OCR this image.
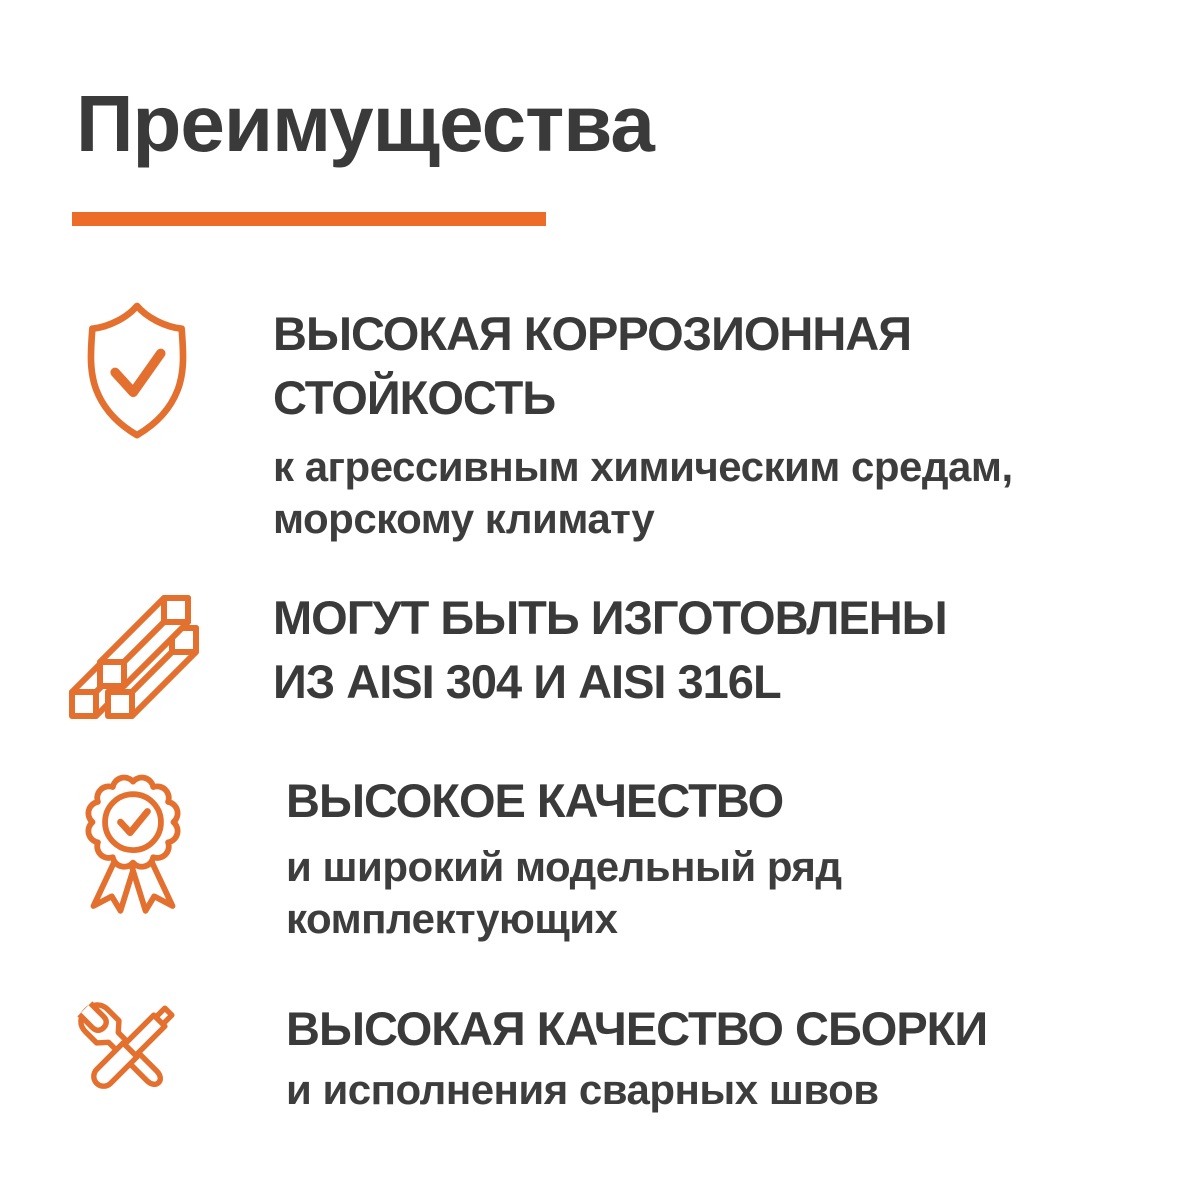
Преимущества
ВЫСОКАЯ КОРРОЗИОННАЯ
СТОЙКОСТЬ

к агрессивным химическим средам,
морскому климату

МОГУТ БЫТЬ ИЗГОТОВЛЕНЫ
ИЗ AISI 304 И AISI 316L
ВЫСОКОЕ КАЧЕСТВО

и широкий модельный ряд
комплектующих

ВЫСОКАЯ КАЧЕСТВО СБОРКИ

и исполнения сварных швов
